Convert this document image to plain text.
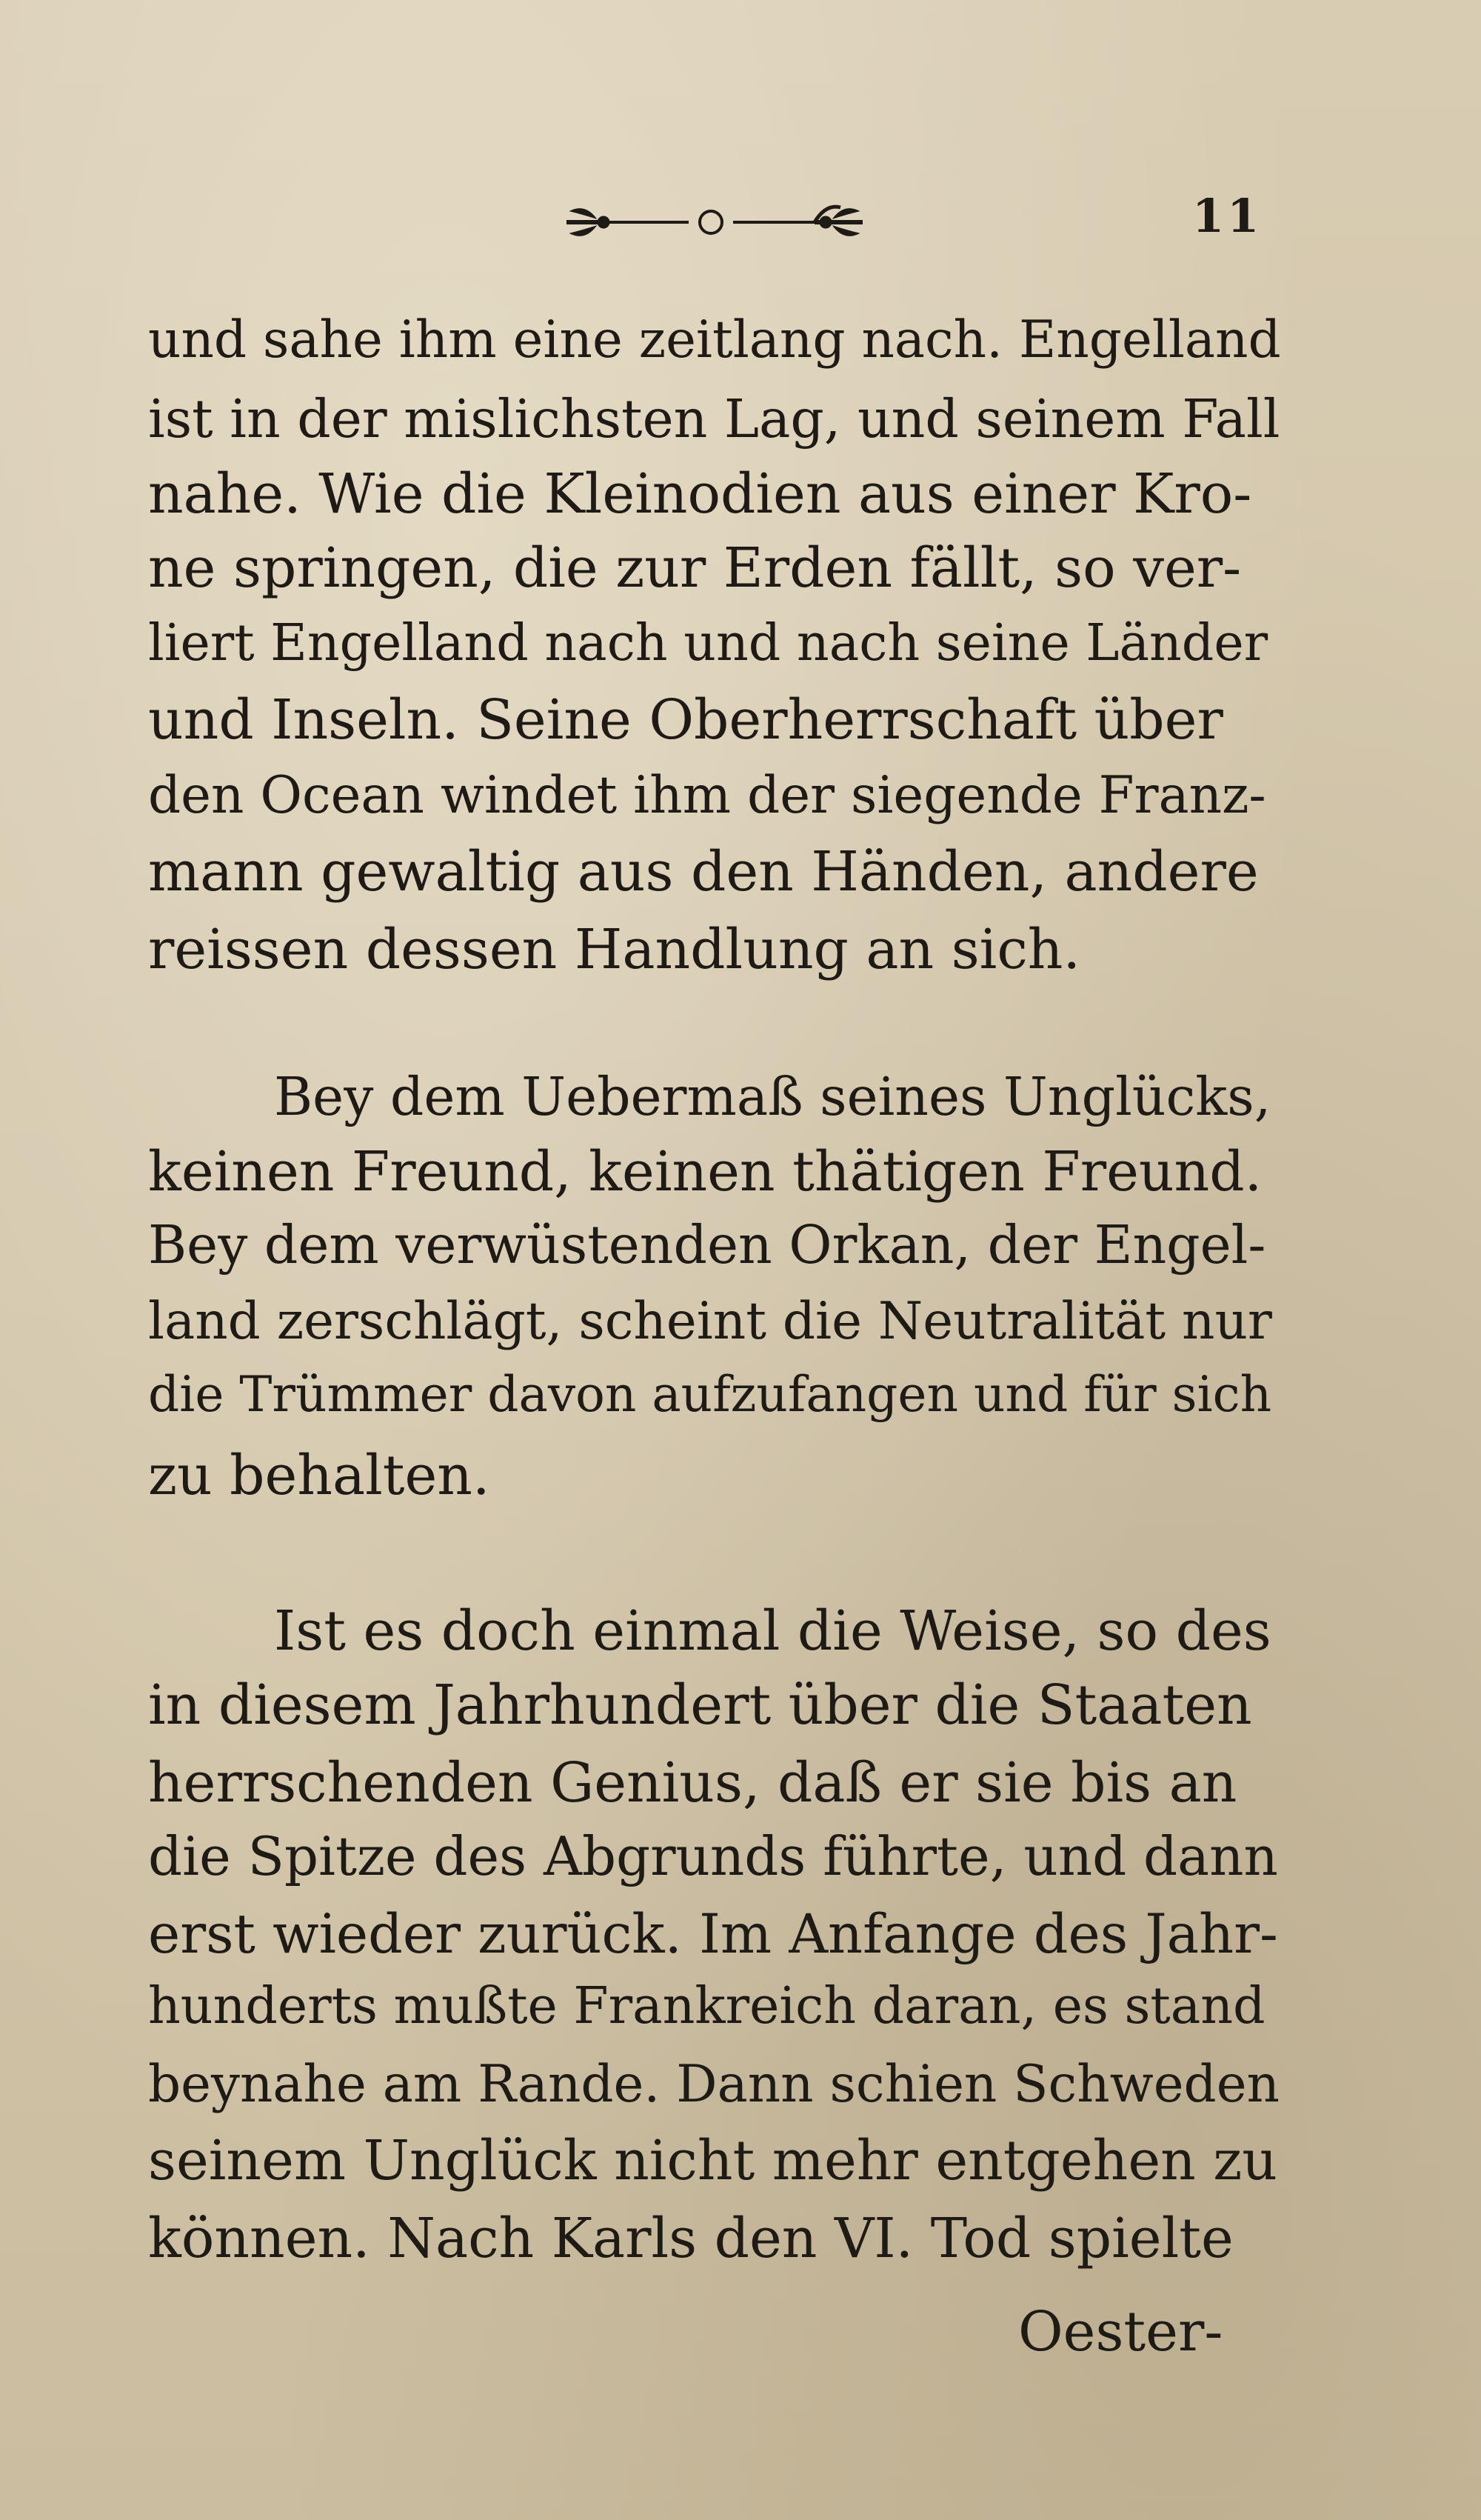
11
und sahe ihm eine zeitlang nach. Engelland
ist in der mislichsten Lag, und seinem Fall
nahe. Wie die Kleinodien aus einer Kro-
ne springen, die zur Erden fällt, so ver-
liert Engelland nach und nach seine Länder
und Inseln. Seine Oberherrschaft über
den Ocean windet ihm der siegende Franz-
mann gewaltig aus den Händen, andere
reissen dessen Handlung an sich.
Bey dem Uebermaß seines Unglücks,
keinen Freund, keinen thätigen Freund.
Bey dem verwüstenden Orkan, der Engel-
land zerschlägt, scheint die Neutralität nur
die Trümmer davon aufzufangen und für sich
zu behalten.
Ist es doch einmal die Weise, so des
in diesem Jahrhundert über die Staaten
herrschenden Genius, daß er sie bis an
die Spitze des Abgrunds führte, und dann
erst wieder zurück. Im Anfange des Jahr-
hunderts mußte Frankreich daran, es stand
beynahe am Rande. Dann schien Schweden
seinem Unglück nicht mehr entgehen zu
können. Nach Karls den VI. Tod spielte
Oester-
